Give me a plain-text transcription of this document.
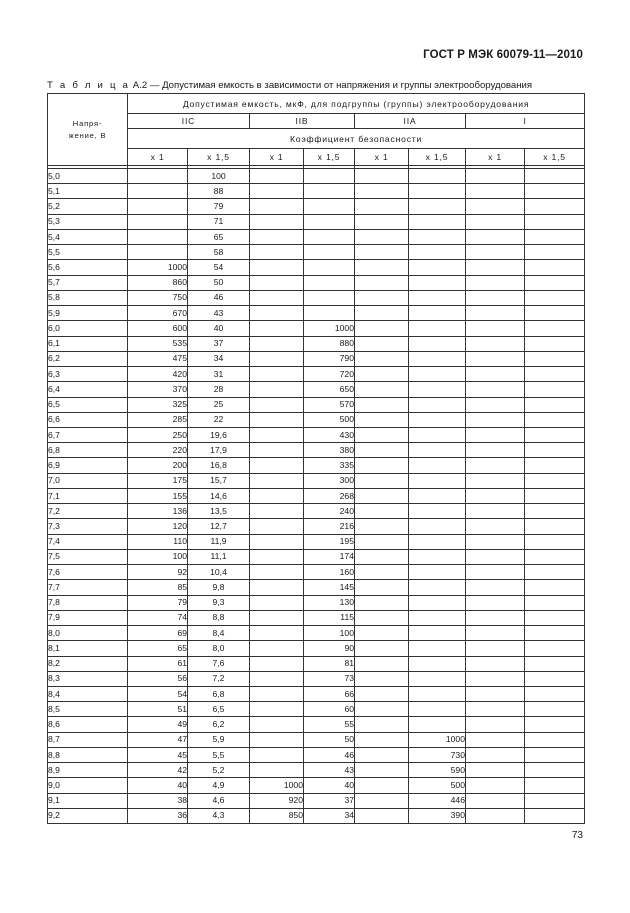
ГОСТ Р МЭК 60079-11—2010
Т а б л и ц а А.2 — Допустимая емкость в зависимости от напряжения и группы электрооборудования
Напря-
жение, В	Допустимая емкость, мкФ, для подгруппы (группы) электрооборудования							
	IIC		IIB		IIA		I	
	Коэффициент безопасности							
	x 1	x 1,5	x 1	x 1,5	x 1	x 1,5	x 1	x 1,5

5,0		100						
5,1		88						
5,2		79						
5,3		71						
5,4		65						
5,5		58						
5,6	1000	54						
5,7	860	50						
5,8	750	46						
5,9	670	43						
6,0	600	40		1000				
6,1	535	37		880				
6,2	475	34		790				
6,3	420	31		720				
6,4	370	28		650				
6,5	325	25		570				
6,6	285	22		500				
6,7	250	19,6		430				
6,8	220	17,9		380				
6,9	200	16,8		335				
7,0	175	15,7		300				
7,1	155	14,6		268				
7,2	136	13,5		240				
7,3	120	12,7		216				
7,4	110	11,9		195				
7,5	100	11,1		174				
7,6	92	10,4		160				
7,7	85	9,8		145				
7,8	79	9,3		130				
7,9	74	8,8		115				
8,0	69	8,4		100				
8,1	65	8,0		90				
8,2	61	7,6		81				
8,3	56	7,2		73				
8,4	54	6,8		66				
8,5	51	6,5		60				
8,6	49	6,2		55				
8,7	47	5,9		50		1000		
8,8	45	5,5		46		730		
8,9	42	5,2		43		590		
9,0	40	4,9	1000	40		500		
9,1	38	4,6	920	37		446		
9,2	36	4,3	850	34		390		
73
